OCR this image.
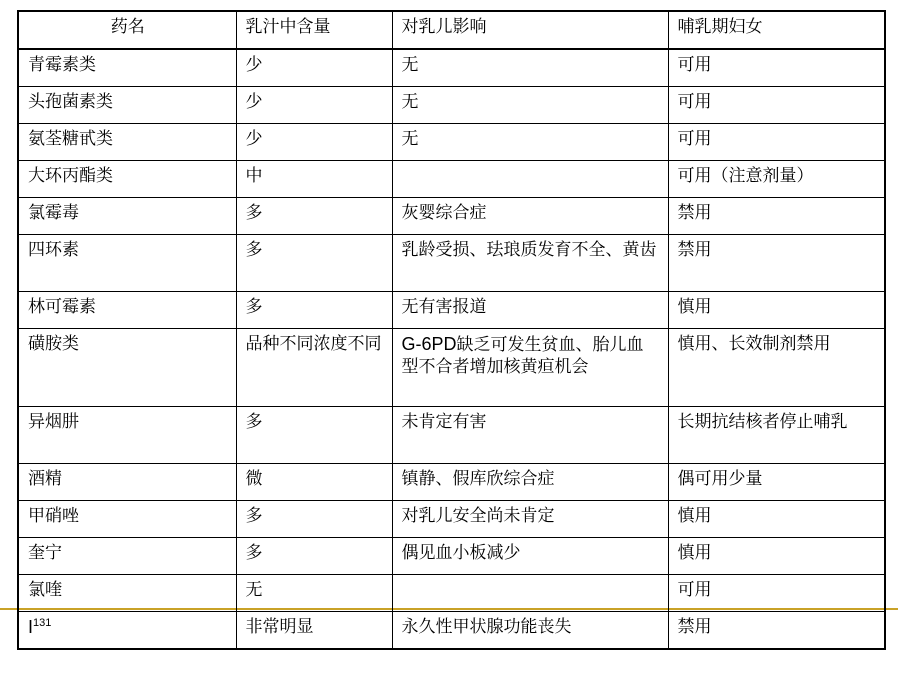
药名	乳汁中含量	对乳儿影响	哺乳期妇女
青霉素类	少	无	可用
头孢菌素类	少	无	可用
氨荃糖甙类	少	无	可用
大环丙酯类	中		可用（注意剂量）
氯霉毒	多	灰婴综合症	禁用
四环素	多	乳龄受损、珐琅质发育不全、黄齿	禁用
林可霉素	多	无有害报道	慎用
磺胺类	品种不同浓度不同	G-6PD缺乏可发生贫血、胎儿血型不合者增加核黄疸机会	慎用、长效制剂禁用
异烟肼	多	未肯定有害	长期抗结核者停止哺乳
酒精	微	镇静、假库欣综合症	偶可用少量
甲硝唑	多	对乳儿安全尚未肯定	慎用
奎宁	多	偶见血小板减少	慎用
氯喹	无		可用
$I^{131}$	非常明显	永久性甲状腺功能丧失	禁用
